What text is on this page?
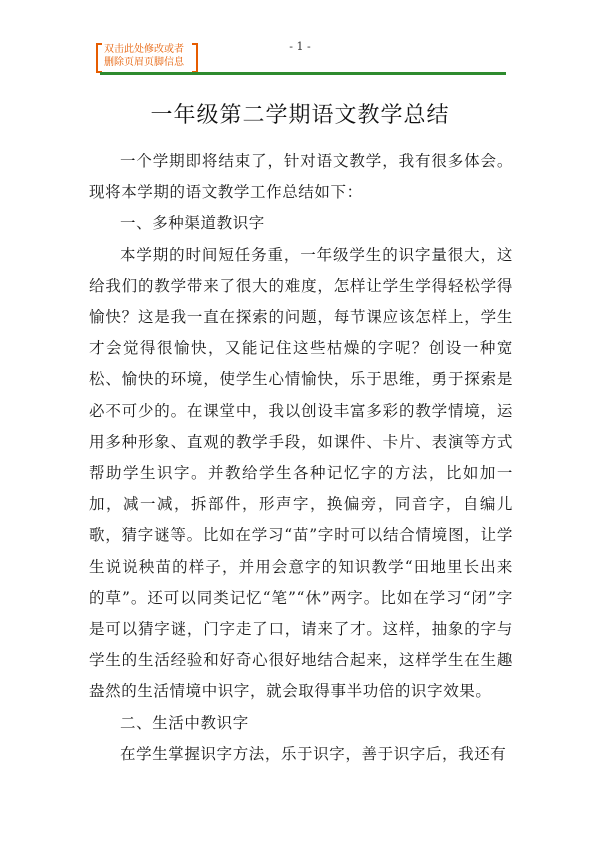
双击此处修改或者
删除页眉页脚信息
- 1 -
一年级第二学期语文教学总结

一个学期即将结束了，针对语文教学，我有很多体会。现将本学期的语文教学工作总结如下：

一、多种渠道教识字

本学期的时间短任务重，一年级学生的识字量很大，这给我们的教学带来了很大的难度，怎样让学生学得轻松学得愉快？这是我一直在探索的问题，每节课应该怎样上，学生才会觉得很愉快，又能记住这些枯燥的字呢？创设一种宽松、愉快的环境，使学生心情愉快，乐于思维，勇于探索是必不可少的。在课堂中，我以创设丰富多彩的教学情境，运用多种形象、直观的教学手段，如课件、卡片、表演等方式帮助学生识字。并教给学生各种记忆字的方法，比如加一加，减一减，拆部件，形声字，换偏旁，同音字，自编儿歌，猜字谜等。比如在学习“苗”字时可以结合情境图，让学生说说秧苗的样子，并用会意字的知识教学“田地里长出来的草”。还可以同类记忆“笔”“休”两字。比如在学习“闭”字是可以猜字谜，门字走了口，请来了才。这样，抽象的字与学生的生活经验和好奇心很好地结合起来，这样学生在生趣盎然的生活情境中识字，就会取得事半功倍的识字效果。

二、生活中教识字

在学生掌握识字方法，乐于识字，善于识字后，我还有
